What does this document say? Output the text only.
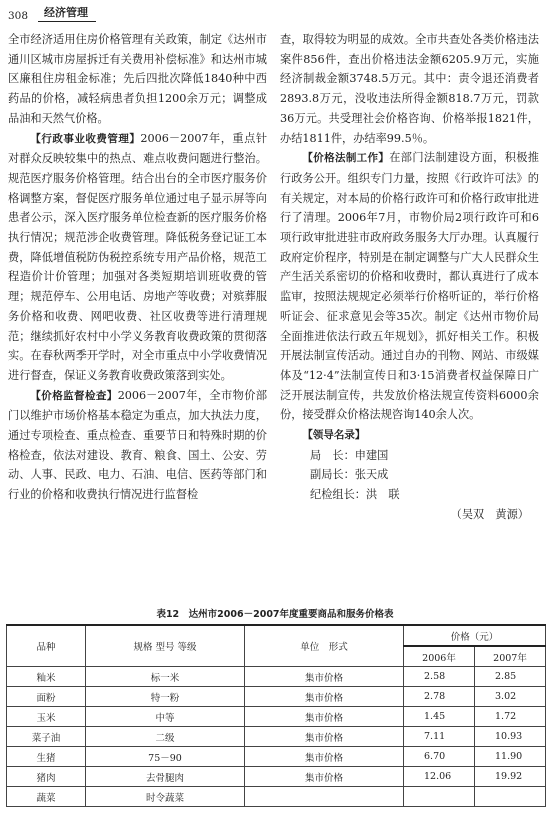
308	经济管理

全市经济适用住房价格管理有关政策，制定《达州市通川区城市房屋拆迁有关费用补偿标准》和达州市城区廉租住房租金标准；先后四批次降低1840种中西药品的价格，减轻病患者负担1200余万元；调整成品油和天然气价格。

【行政事业收费管理】2006－2007年，重点针对群众反映较集中的热点、难点收费问题进行整治。规范医疗服务价格管理。结合出台的全市医疗服务价格调整方案，督促医疗服务单位通过电子显示屏等向患者公示，深入医疗服务单位检查新的医疗服务价格执行情况；规范涉企收费管理。降低税务登记证工本费，降低增值税防伪税控系统专用产品价格，规范工程造价计价管理；加强对各类短期培训班收费的管理；规范停车、公用电话、房地产等收费；对殡葬服务价格和收费、网吧收费、社区收费等进行清理规范；继续抓好农村中小学义务教育收费政策的贯彻落实。在春秋两季开学时，对全市重点中小学收费情况进行督查，保证义务教育收费政策落到实处。

【价格监督检查】2006－2007年，全市物价部门以维护市场价格基本稳定为重点，加大执法力度，通过专项检查、重点检查、重要节日和特殊时期的价格检查，依法对建设、教育、粮食、国土、公安、劳动、人事、民政、电力、石油、电信、医药等部门和行业的价格和收费执行情况进行监督检

查，取得较为明显的成效。全市共查处各类价格违法案件856件，查出价格违法金额6205.9万元，实施经济制裁金额3748.5万元。其中：责令退还消费者2893.8万元，没收违法所得金额818.7万元，罚款36万元。共受理社会价格咨询、价格举报1821件，办结1811件，办结率99.5％。

【价格法制工作】在部门法制建设方面，积极推行政务公开。组织专门力量，按照《行政许可法》的有关规定，对本局的价格行政许可和价格行政审批进行了清理。2006年7月，市物价局2项行政许可和6项行政审批进驻市政府政务服务大厅办理。认真履行政府定价程序，特别是在制定调整与广大人民群众生产生活关系密切的价格和收费时，都认真进行了成本监审，按照法规规定必须举行价格听证的，举行价格听证会、征求意见会等35次。制定《达州市物价局全面推进依法行政五年规划》，抓好相关工作。积极开展法制宣传活动。通过自办的刊物、网站、市级媒体及“12·4”法制宣传日和3·15消费者权益保障日广泛开展法制宣传，共发放价格法规宣传资料6000余份，接受群众价格法规咨询140余人次。

【领导名录】

局　长：申建国

副局长：张天成

纪检组长：洪　联

（吴双　黄源）

表12　达州市2006－2007年度重要商品和服务价格表
品种	规格 型号 等级	单位　形式	价格（元）	
			2006年	2007年
籼米	标一米	集市价格	2.58	2.85
面粉	特一粉	集市价格	2.78	3.02
玉米	中等	集市价格	1.45	1.72
菜子油	二级	集市价格	7.11	10.93
生猪	75－90	集市价格	6.70	11.90
猪肉	去骨腿肉	集市价格	12.06	19.92
蔬菜	时令蔬菜			
